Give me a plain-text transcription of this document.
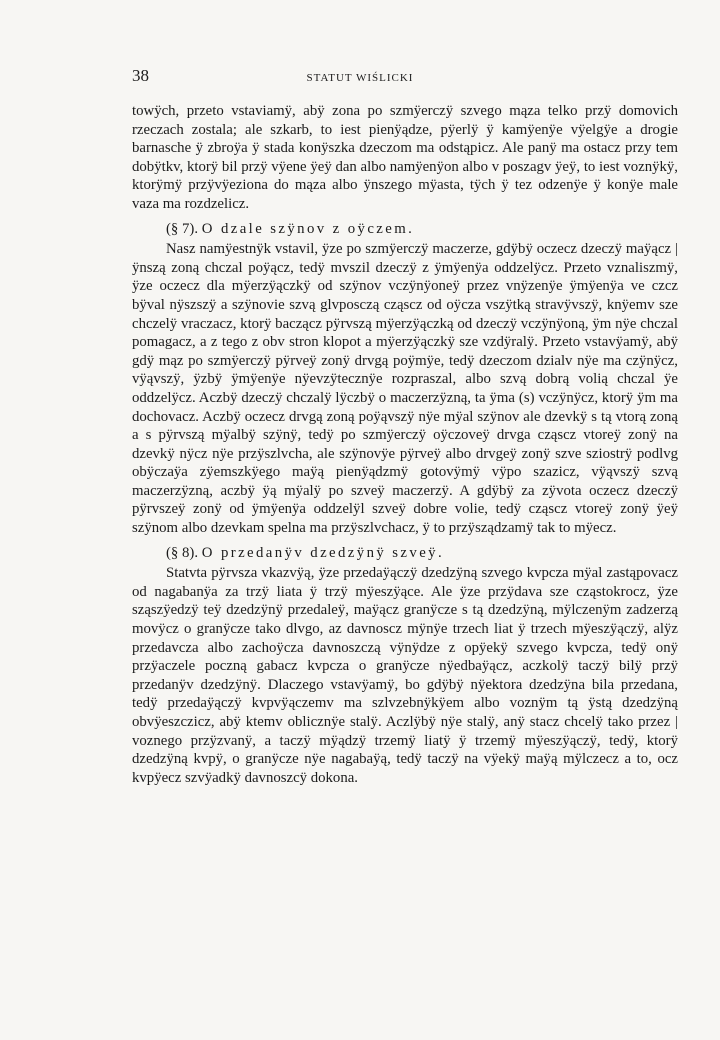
38	STATUT WIŚLICKI

towÿch, przeto vstaviamÿ, abÿ zona po szmÿerczÿ szvego mąza telko przÿ domovich rzeczach zostala; ale szkarb, to iest pienÿądze, pÿerlÿ ÿ kamÿenÿe vÿelgÿe a drogie barnasche ÿ zbroÿa ÿ stada konÿszka dzeczom ma odstąpicz. Ale panÿ ma ostacz przy tem dobÿtkv, ktorÿ bil przÿ vÿene ÿeÿ dan albo namÿenÿon albo v poszagv ÿeÿ, to iest voznÿkÿ, ktorÿmÿ przÿvÿeziona do mąza albo ÿnszego mÿasta, tÿch ÿ tez odzenÿe ÿ konÿe male vaza ma rozdzelicz.

(§ 7). O dzale szÿnov z oÿczem.

Nasz namÿestnÿk vstavil, ÿze po szmÿerczÿ maczerze, gdÿbÿ oczecz dzeczÿ maÿącz | ÿnszą zoną chczal poÿącz, tedÿ mvszil dzeczÿ z ÿmÿenÿa oddzelÿcz. Przeto vznaliszmÿ, ÿze oczecz dla mÿerzÿączkÿ od szÿnov vczÿnÿoneÿ przez vnÿzenÿe ÿmÿenÿa ve czcz bÿval nÿszszÿ a szÿnovie szvą glvposczą cząscz od oÿcza vszÿtką stravÿvszÿ, knÿemv sze chczelÿ vraczacz, ktorÿ baczącz pÿrvszą mÿerzÿączką od dzeczÿ vczÿnÿoną, ÿm nÿe chczal pomagacz, a z tego z obv stron klopot a mÿerzÿączkÿ sze vzdÿralÿ. Przeto vstavÿamÿ, abÿ gdÿ mąz po szmÿerczÿ pÿrveÿ zonÿ drvgą poÿmÿe, tedÿ dzeczom dzialv nÿe ma czÿnÿcz, vÿąvszÿ, ÿzbÿ ÿmÿenÿe nÿevzÿtecznÿe rozpraszal, albo szvą dobrą volią chczal ÿe oddzelÿcz. Aczbÿ dzeczÿ chczalÿ lÿczbÿ o maczerzÿzną, ta ÿma (s) vczÿnÿcz, ktorÿ ÿm ma dochovacz. Aczbÿ oczecz drvgą zoną poÿąvszÿ nÿe mÿal szÿnov ale dzevkÿ s tą vtorą zoną a s pÿrvszą mÿalbÿ szÿnÿ, tedÿ po szmÿerczÿ oÿczoveÿ drvga cząscz vtoreÿ zonÿ na dzevkÿ nÿcz nÿe przÿszlvcha, ale szÿnovÿe pÿrveÿ albo drvgeÿ zonÿ szve sziostrÿ podlvg obÿczaÿa zÿemszkÿego maÿą pienÿądzmÿ gotovÿmÿ vÿpo szazicz, vÿąvszÿ szvą maczerzÿzną, aczbÿ ÿą mÿalÿ po szveÿ maczerzÿ. A gdÿbÿ za zÿvota oczecz dzeczÿ pÿrvszeÿ zonÿ od ÿmÿenÿa oddzelÿl szveÿ dobre volie, tedÿ cząscz vtoreÿ zonÿ ÿeÿ szÿnom albo dzevkam spelna ma przÿszlvchacz, ÿ to przÿsządzamÿ tak to mÿecz.

(§ 8). O przedanÿv dzedzÿnÿ szveÿ.

Statvta pÿrvsza vkazvÿą, ÿze przedaÿączÿ dzedzÿną szvego kvpcza mÿal zastąpovacz od nagabanÿa za trzÿ liata ÿ trzÿ mÿeszÿące. Ale ÿze przÿdava sze cząstokrocz, ÿze sząszÿedzÿ teÿ dzedzÿnÿ przedaleÿ, maÿącz granÿcze s tą dzedzÿną, mÿlczenÿm zadzerzą movÿcz o granÿcze tako dlvgo, az davnoscz mÿnÿe trzech liat ÿ trzech mÿeszÿączÿ, alÿz przedavcza albo zachoÿcza davnoszczą vÿnÿdze z opÿekÿ szvego kvpcza, tedÿ onÿ przÿaczele poczną gabacz kvpcza o granÿcze nÿedbaÿącz, aczkolÿ taczÿ bilÿ przÿ przedanÿv dzedzÿnÿ. Dlaczego vstavÿamÿ, bo gdÿbÿ nÿektora dzedzÿna bila przedana, tedÿ przedaÿączÿ kvpvÿączemv ma szlvzebnÿkÿem albo voznÿm tą ÿstą dzedzÿną obvÿeszczicz, abÿ ktemv oblicznÿe stalÿ. Aczlÿbÿ nÿe stalÿ, anÿ stacz chcelÿ tako przez | voznego przÿzvanÿ, a taczÿ mÿądzÿ trzemÿ liatÿ ÿ trzemÿ mÿeszÿączÿ, tedÿ, ktorÿ dzedzÿną kvpÿ, o granÿcze nÿe nagabaÿą, tedÿ taczÿ na vÿekÿ maÿą mÿlczecz a to, ocz kvpÿecz szvÿadkÿ davnoszcÿ dokona.
